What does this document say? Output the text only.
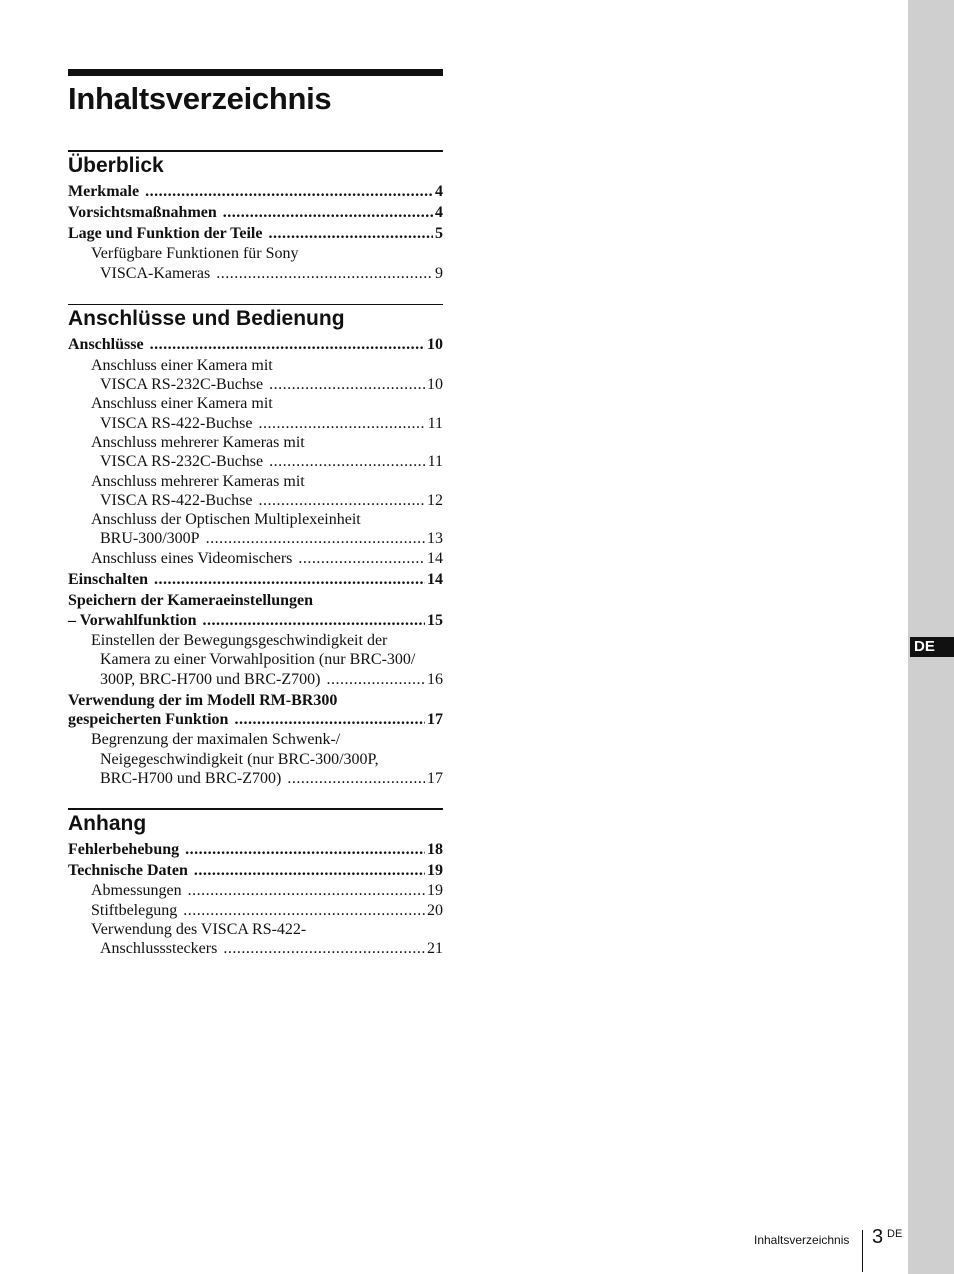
DE
Inhaltsverzeichnis
Überblick
Merkmale .....	4
Vorsichtsmaßnahmen .....	4
Lage und Funktion der Teile .....	5
Verfügbare Funktionen für Sony
VISCA-Kameras .....	9
Anschlüsse und Bedienung
Anschlüsse .....	10
Anschluss einer Kamera mit
VISCA RS-232C-Buchse .....	10
Anschluss einer Kamera mit
VISCA RS-422-Buchse .....	11
Anschluss mehrerer Kameras mit
VISCA RS-232C-Buchse .....	11
Anschluss mehrerer Kameras mit
VISCA RS-422-Buchse .....	12
Anschluss der Optischen Multiplexeinheit
BRU-300/300P .....	13
Anschluss eines Videomischers .....	14
Einschalten .....	14
Speichern der Kameraeinstellungen
– Vorwahlfunktion .....	15
Einstellen der Bewegungsgeschwindigkeit der
Kamera zu einer Vorwahlposition (nur BRC-300/
300P, BRC-H700 und BRC-Z700) .....	16
Verwendung der im Modell RM-BR300
gespeicherten Funktion .....	17
Begrenzung der maximalen Schwenk-/
Neigegeschwindigkeit (nur BRC-300/300P,
BRC-H700 und BRC-Z700) .....	17
Anhang
Fehlerbehebung .....	18
Technische Daten .....	19
Abmessungen .....	19
Stiftbelegung .....	20
Verwendung des VISCA RS-422-
Anschlusssteckers .....	21
Inhaltsverzeichnis 3 DE
